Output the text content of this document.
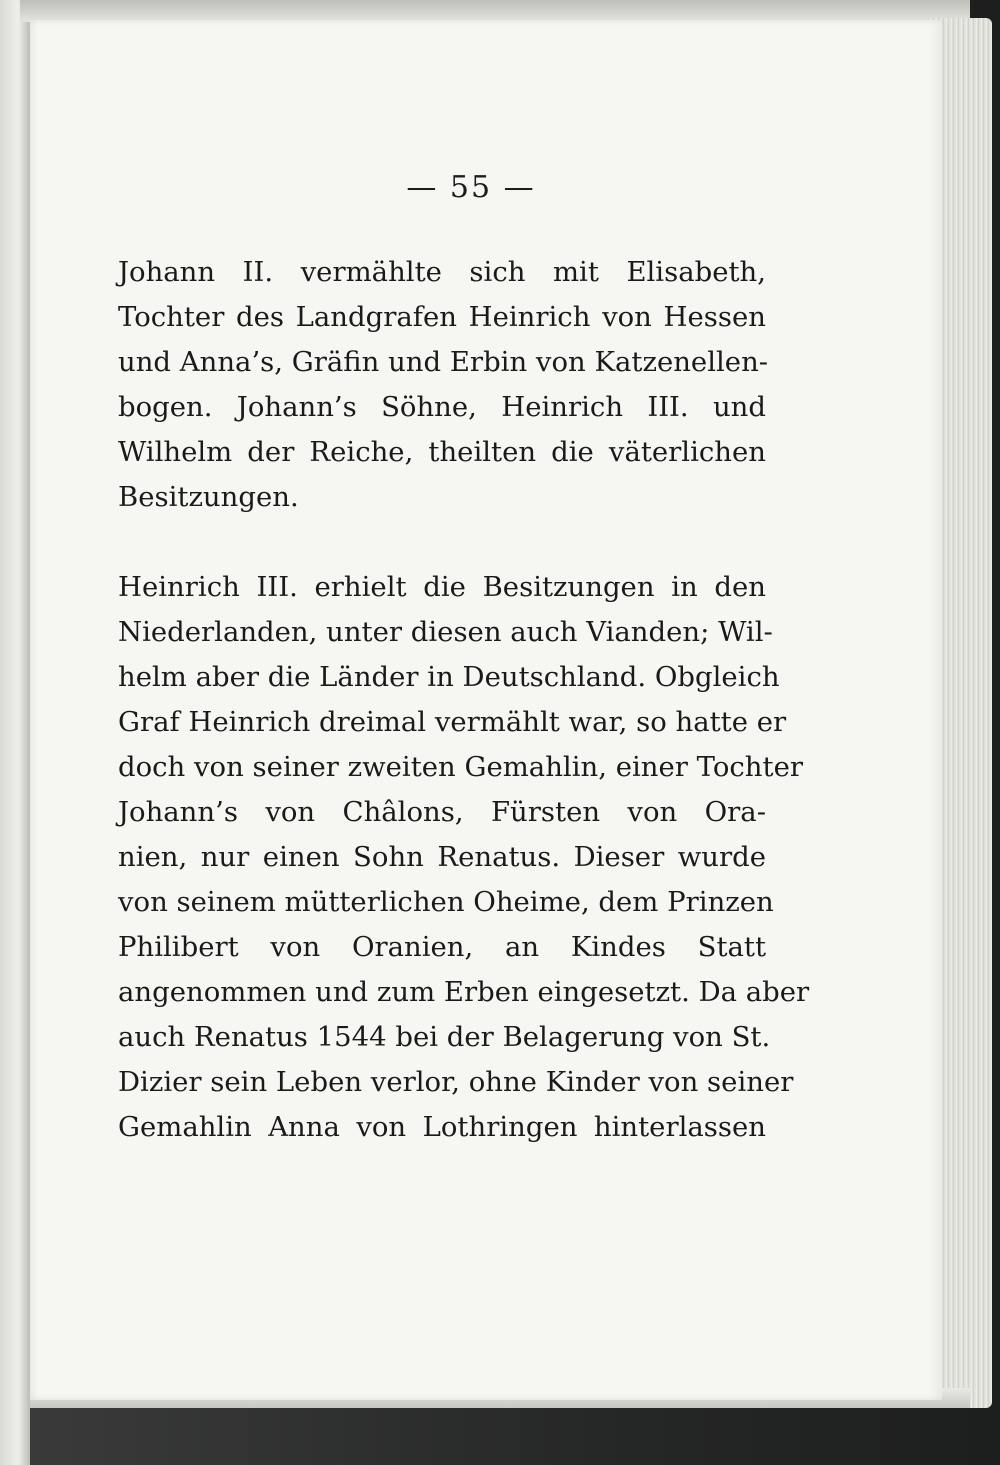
— 55 —
Johann II. vermählte sich mit Elisabeth,
Tochter des Landgrafen Heinrich von Hessen
und Anna’s, Gräfin und Erbin von Katzenellen-
bogen. Johann’s Söhne, Heinrich III. und
Wilhelm der Reiche, theilten die väterlichen
Besitzungen.
Heinrich III. erhielt die Besitzungen in den
Niederlanden, unter diesen auch Vianden; Wil-
helm aber die Länder in Deutschland. Obgleich
Graf Heinrich dreimal vermählt war, so hatte er
doch von seiner zweiten Gemahlin, einer Tochter
Johann’s von Châlons, Fürsten von Ora-
nien, nur einen Sohn Renatus. Dieser wurde
von seinem mütterlichen Oheime, dem Prinzen
Philibert von Oranien, an Kindes Statt
angenommen und zum Erben eingesetzt. Da aber
auch Renatus 1544 bei der Belagerung von St.
Dizier sein Leben verlor, ohne Kinder von seiner
Gemahlin Anna von Lothringen hinterlassen
